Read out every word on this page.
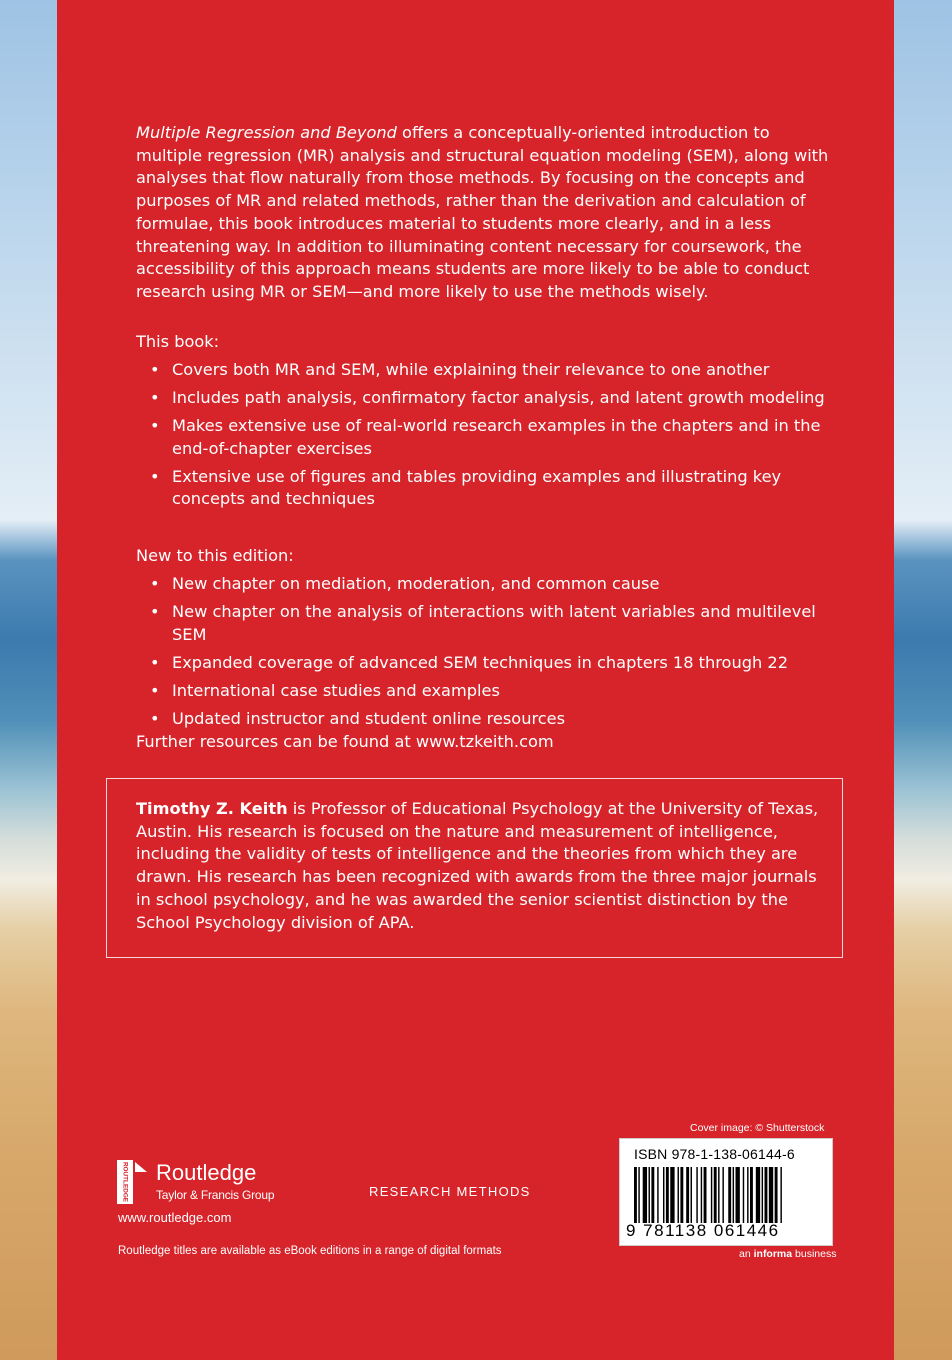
Multiple Regression and Beyond offers a conceptually-oriented introduction to multiple regression (MR) analysis and structural equation modeling (SEM), along with analyses that flow naturally from those methods. By focusing on the concepts and purposes of MR and related methods, rather than the derivation and calculation of formulae, this book introduces material to students more clearly, and in a less threatening way. In addition to illuminating content necessary for coursework, the accessibility of this approach means students are more likely to be able to conduct research using MR or SEM—and more likely to use the methods wisely.

This book:

• Covers both MR and SEM, while explaining their relevance to one another
• Includes path analysis, confirmatory factor analysis, and latent growth modeling
• Makes extensive use of real-world research examples in the chapters and in the end-of-chapter exercises
• Extensive use of figures and tables providing examples and illustrating key concepts and techniques

New to this edition:

• New chapter on mediation, moderation, and common cause
• New chapter on the analysis of interactions with latent variables and multilevel SEM
• Expanded coverage of advanced SEM techniques in chapters 18 through 22
• International case studies and examples
• Updated instructor and student online resources

Further resources can be found at www.tzkeith.com

Timothy Z. Keith is Professor of Educational Psychology at the University of Texas, Austin. His research is focused on the nature and measurement of intelligence, including the validity of tests of intelligence and the theories from which they are drawn. His research has been recognized with awards from the three major journals in school psychology, and he was awarded the senior scientist distinction by the School Psychology division of APA.

Cover image: © Shutterstock
ISBN 978-1-138-06144-6
9 781138 061446
an informa business
ROUTLEDGE Routledge
Taylor & Francis Group
www.routledge.com
RESEARCH METHODS
Routledge titles are available as eBook editions in a range of digital formats
